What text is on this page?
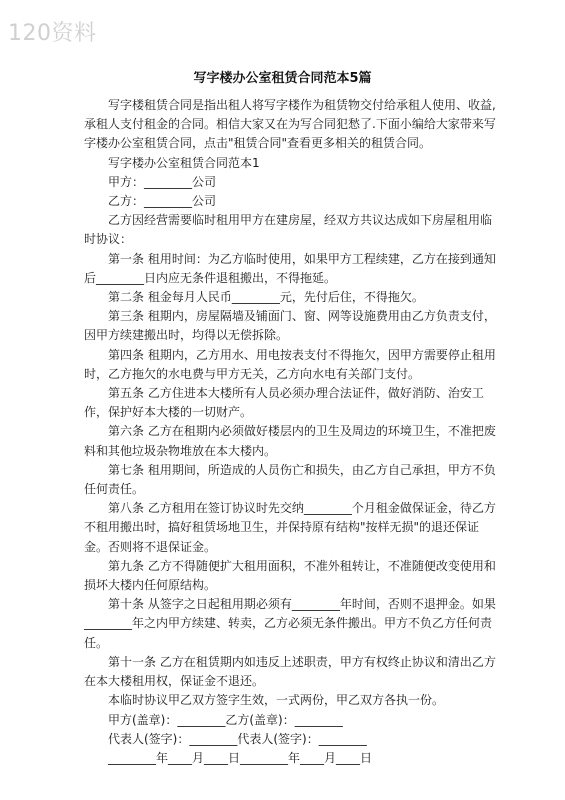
120资料
写字楼办公室租赁合同范本5篇

写字楼租赁合同是指出租人将写字楼作为租赁物交付给承租人使用、收益,承租人支付租金的合同。相信大家又在为写合同犯愁了.下面小编给大家带来写字楼办公室租赁合同，点击"租赁合同"查看更多相关的租赁合同。

写字楼办公室租赁合同范本1

甲方：________公司

乙方：________公司

乙方因经营需要临时租用甲方在建房屋，经双方共议达成如下房屋租用临时协议：

第一条 租用时间：为乙方临时使用，如果甲方工程续建，乙方在接到通知后________日内应无条件退租搬出，不得拖延。

第二条 租金每月人民币________元，先付后住，不得拖欠。

第三条 租期内，房屋隔墙及铺面门、窗、网等设施费用由乙方负责支付，因甲方续建搬出时，均得以无偿拆除。

第四条 租期内，乙方用水、用电按表支付不得拖欠，因甲方需要停止租用时，乙方拖欠的水电费与甲方无关，乙方向水电有关部门支付。

第五条 乙方住进本大楼所有人员必须办理合法证件，做好消防、治安工作，保护好本大楼的一切财产。

第六条 乙方在租期内必须做好楼层内的卫生及周边的环境卫生，不准把废料和其他垃圾杂物堆放在本大楼内。

第七条 租用期间，所造成的人员伤亡和损失，由乙方自己承担，甲方不负任何责任。

第八条 乙方租用在签订协议时先交纳________个月租金做保证金，待乙方不租用搬出时，搞好租赁场地卫生，并保持原有结构"按样无损"的退还保证金。否则将不退保证金。

第九条 乙方不得随便扩大租用面积，不准外租转让，不准随便改变使用和损坏大楼内任何原结构。

第十条 从签字之日起租用期必须有________年时间，否则不退押金。如果________年之内甲方续建、转卖，乙方必须无条件搬出。甲方不负乙方任何责任。

第十一条 乙方在租赁期内如违反上述职责，甲方有权终止协议和清出乙方在本大楼租用权，保证金不退还。

本临时协议甲乙双方签字生效，一式两份，甲乙双方各执一份。

甲方(盖章)：________乙方(盖章)：________

代表人(签字)：________代表人(签字)：________

________年____月____日________年____月____日
